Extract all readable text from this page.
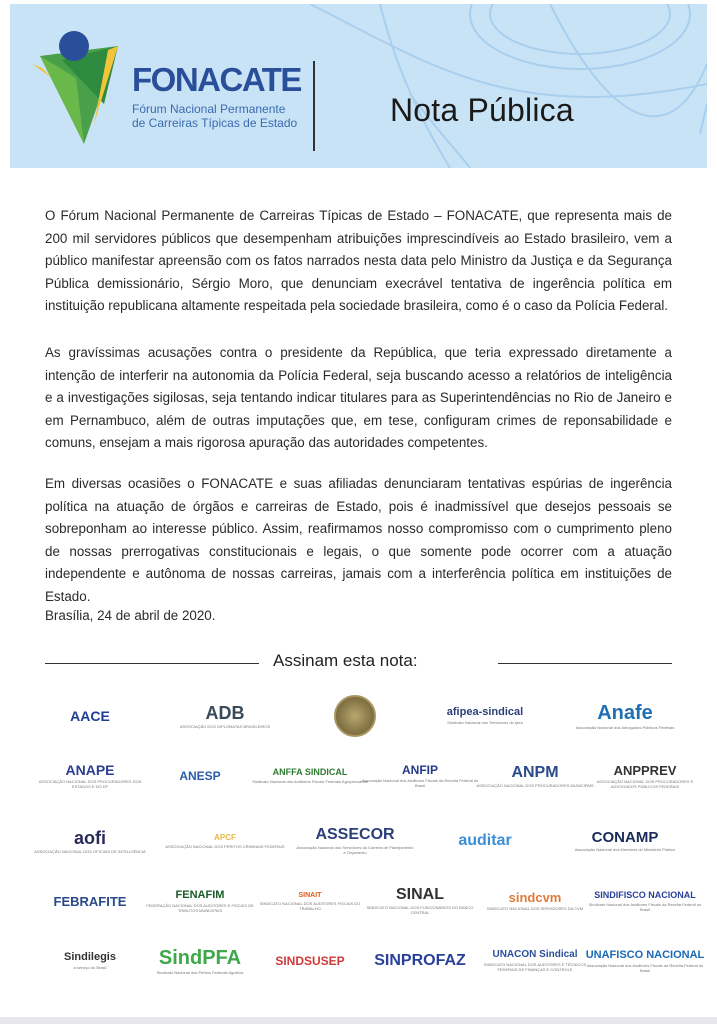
FONACATE
Fórum Nacional Permanente
de Carreiras Típicas de Estado	Nota Pública

O Fórum Nacional Permanente de Carreiras Típicas de Estado – FONACATE, que representa mais de 200 mil servidores públicos que desempenham atribuições imprescindíveis ao Estado brasileiro, vem a público manifestar apreensão com os fatos narrados nesta data pelo Ministro da Justiça e da Segurança Pública demissionário, Sérgio Moro, que denunciam execrável tentativa de ingerência política em instituição republicana altamente respeitada pela sociedade brasileira, como é o caso da Polícia Federal.

As gravíssimas acusações contra o presidente da República, que teria expressado diretamente a intenção de interferir na autonomia da Polícia Federal, seja buscando acesso a relatórios de inteligência e a investigações sigilosas, seja tentando indicar titulares para as Superintendências no Rio de Janeiro e em Pernambuco, além de outras imputações que, em tese, configuram crimes de reponsabilidade e comuns, ensejam a mais rigorosa apuração das autoridades competentes.

Em diversas ocasiões o FONACATE e suas afiliadas denunciaram tentativas espúrias de ingerência política na atuação de órgãos e carreiras de Estado, pois é inadmissível que desejos pessoais se sobreponham ao interesse público. Assim, reafirmamos nosso compromisso com o cumprimento pleno de nossas prerrogativas constitucionais e legais, o que somente pode ocorrer com a atuação independente e autônoma de nossas carreiras, jamais com a interferência política em instituições de Estado.

Brasília, 24 de abril de 2020.

Assinam esta nota:
AACE	ADB
ASSOCIAÇÃO DOS DIPLOMATAS BRASILEIROS
afipea-sindical
Sindicato Nacional dos Servidores do Ipea	Anafe
Associação Nacional dos Advogados Públicos Federais
ANAPE
ASSOCIAÇÃO NACIONAL DOS PROCURADORES DOS ESTADOS E DO DF
ANESP	ANFFA SINDICAL
Sindicato Nacional dos Auditores Fiscais Federais Agropecuários
ANFIP
Associação Nacional dos Auditores Fiscais da Receita Federal do Brasil
ANPM
ASSOCIAÇÃO NACIONAL DOS PROCURADORES MUNICIPAIS
ANPPREV
ASSOCIAÇÃO NACIONAL DOS PROCURADORES E ADVOGADOS PÚBLICOS FEDERAIS
aofi
ASSOCIAÇÃO NACIONAL DOS OFICIAIS DE INTELIGÊNCIA
APCF
ASSOCIAÇÃO NACIONAL DOS PERITOS CRIMINAIS FEDERAIS
ASSECOR
Associação Nacional dos Servidores da Carreira de Planejamento e Orçamento
auditar	CONAMP
Associação Nacional dos Membros do Ministério Público
FEBRAFITE	FENAFIM
FEDERAÇÃO NACIONAL DOS AUDITORES E FISCAIS DE TRIBUTOS MUNICIPAIS
SINAIT
SINDICATO NACIONAL DOS AUDITORES FISCAIS DO TRABALHO
SINAL
SINDICATO NACIONAL DOS FUNCIONÁRIOS DO BANCO CENTRAL
sindcvm
SINDICATO NACIONAL DOS SERVIDORES DA CVM
SINDIFISCO NACIONAL
Sindicato Nacional dos Auditores Fiscais da Receita Federal do Brasil
Sindilegis
a serviço do Brasil	SindPFA
Sindicato Nacional dos Peritos Federais Agrários
SINDSUSEP SINPROFAZ	UNACON Sindical
SINDICATO NACIONAL DOS AUDITORES E TÉCNICOS FEDERAIS DE FINANÇAS E CONTROLE
UNAFISCO NACIONAL
Associação Nacional dos Auditores Fiscais da Receita Federal do Brasil
